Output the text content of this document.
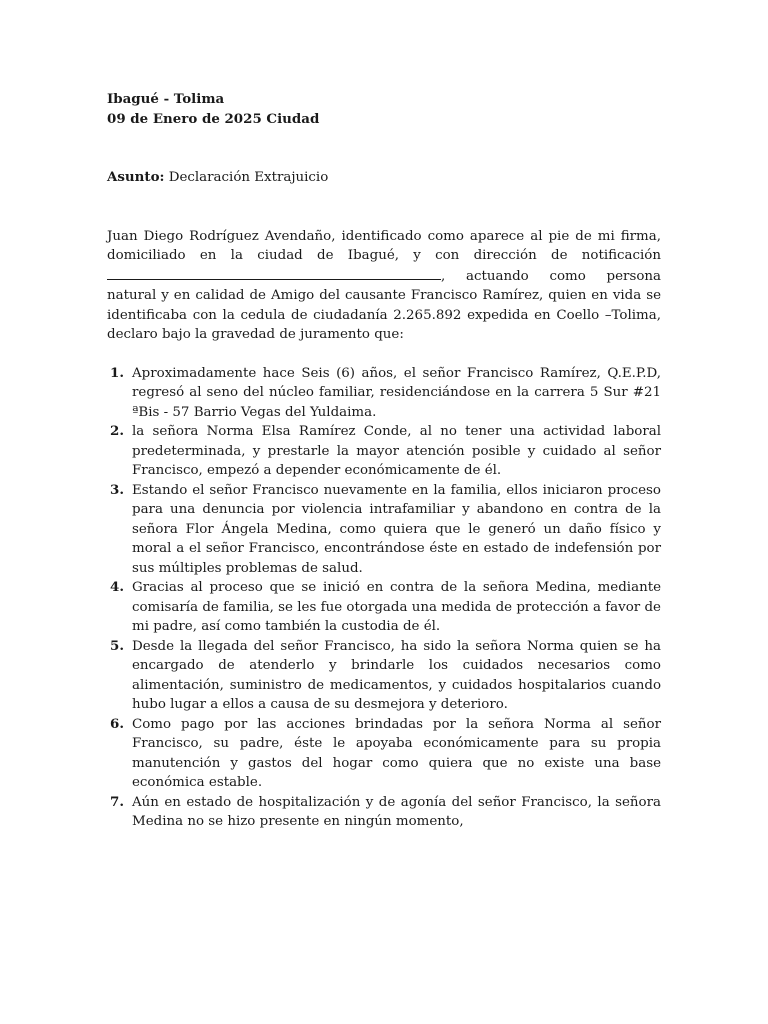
Ibagué - Tolima

09 de Enero de 2025 Ciudad

Asunto: Declaración Extrajuicio

Juan Diego Rodríguez Avendaño, identificado como aparece al pie de mi firma, domiciliado en la ciudad de Ibagué, y con dirección de notificación , actuando como persona natural y en calidad de Amigo del causante Francisco Ramírez, quien en vida se identificaba con la cedula de ciudadanía 2.265.892 expedida en Coello –Tolima, declaro bajo la gravedad de juramento que:

1. Aproximadamente hace Seis (6) años, el señor Francisco Ramírez, Q.E.P.D, regresó al seno del núcleo familiar, residenciándose en la carrera 5 Sur #21 ªBis - 57 Barrio Vegas del Yuldaima.
2. la señora Norma Elsa Ramírez Conde, al no tener una actividad laboral predeterminada, y prestarle la mayor atención posible y cuidado al señor Francisco, empezó a depender económicamente de él.
3. Estando el señor Francisco nuevamente en la familia, ellos iniciaron proceso para una denuncia por violencia intrafamiliar y abandono en contra de la señora Flor Ángela Medina, como quiera que le generó un daño físico y moral a el señor Francisco, encontrándose éste en estado de indefensión por sus múltiples problemas de salud.
4. Gracias al proceso que se inició en contra de la señora Medina, mediante comisaría de familia, se les fue otorgada una medida de protección a favor de mi padre, así como también la custodia de él.
5. Desde la llegada del señor Francisco, ha sido la señora Norma quien se ha encargado de atenderlo y brindarle los cuidados necesarios como alimentación, suministro de medicamentos, y cuidados hospitalarios cuando hubo lugar a ellos a causa de su desmejora y deterioro.
6. Como pago por las acciones brindadas por la señora Norma al señor Francisco, su padre, éste le apoyaba económicamente para su propia manutención y gastos del hogar como quiera que no existe una base económica estable.
7. Aún en estado de hospitalización y de agonía del señor Francisco, la señora Medina no se hizo presente en ningún momento,
